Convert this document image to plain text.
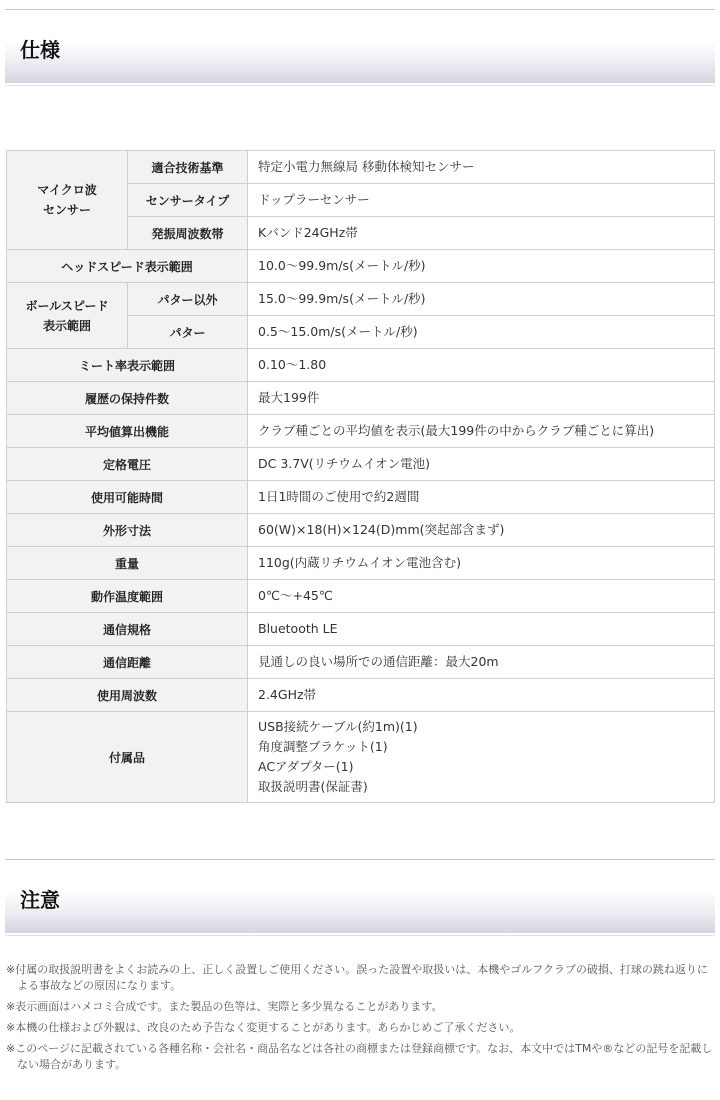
仕様
マイクロ波
センサー	適合技術基準	特定小電力無線局 移動体検知センサー
	センサータイプ	ドップラーセンサー
	発振周波数帯	Kバンド24GHz帯
ヘッドスピード表示範囲		10.0～99.9m/s(メートル/秒)
ボールスピード
表示範囲	パター以外	15.0～99.9m/s(メートル/秒)
	パター	0.5～15.0m/s(メートル/秒)
ミート率表示範囲		0.10～1.80
履歴の保持件数		最大199件
平均値算出機能		クラブ種ごとの平均値を表示(最大199件の中からクラブ種ごとに算出)
定格電圧		DC 3.7V(リチウムイオン電池)
使用可能時間		1日1時間のご使用で約2週間
外形寸法		60(W)×18(H)×124(D)mm(突起部含まず)
重量		110g(内蔵リチウムイオン電池含む)
動作温度範囲		0℃～+45℃
通信規格		Bluetooth LE
通信距離		見通しの良い場所での通信距離：最大20m
使用周波数		2.4GHz帯
付属品		USB接続ケーブル(約1m)(1)
角度調整ブラケット(1)
ACアダプター(1)
取扱説明書(保証書)
注意

※付属の取扱説明書をよくお読みの上、正しく設置しご使用ください。誤った設置や取扱いは、本機やゴルフクラブの破損、打球の跳ね返りによる事故などの原因になります。

※表示画面はハメコミ合成です。また製品の色等は、実際と多少異なることがあります。

※本機の仕様および外観は、改良のため予告なく変更することがあります。あらかじめご了承ください。

※このページに記載されている各種名称・会社名・商品名などは各社の商標または登録商標です。なお、本文中ではTMや®などの記号を記載しない場合があります。
